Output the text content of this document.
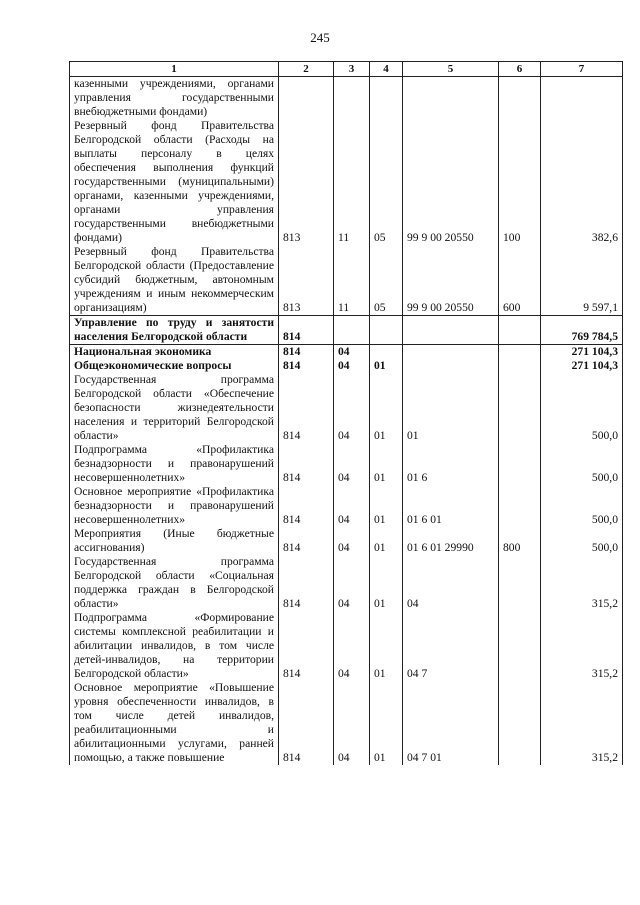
245
1	2	3	4	5	6	7
казенными учреждениями, органами управления государственными внебюджетными фондами)						
Резервный фонд Правительства Белгородской области (Расходы на выплаты персоналу в целях обеспечения выполнения функций государственными (муниципальными) органами, казенными учреждениями, органами управления государственными внебюджетными фондами)	813	11	05	99 9 00 20550	100	382,6
Резервный фонд Правительства Белгородской области (Предоставление субсидий бюджетным, автономным учреждениям и иным некоммерческим организациям)	813	11	05	99 9 00 20550	600	9 597,1
Управление по труду и занятости населения Белгородской области	814					769 784,5
Национальная экономика	814	04				271 104,3
Общеэкономические вопросы	814	04	01			271 104,3
Государственная программа Белгородской области «Обеспечение безопасности жизнедеятельности населения и территорий Белгородской области»	814	04	01	01		500,0
Подпрограмма «Профилактика безнадзорности и правонарушений несовершеннолетних»	814	04	01	01 6		500,0
Основное мероприятие «Профилактика безнадзорности и правонарушений несовершеннолетних»	814	04	01	01 6 01		500,0
Мероприятия (Иные бюджетные ассигнования)	814	04	01	01 6 01 29990	800	500,0
Государственная программа Белгородской области «Социальная поддержка граждан в Белгородской области»	814	04	01	04		315,2
Подпрограмма «Формирование системы комплексной реабилитации и абилитации инвалидов, в том числе детей-инвалидов, на территории Белгородской области»	814	04	01	04 7		315,2
Основное мероприятие «Повышение уровня обеспеченности инвалидов, в том числе детей инвалидов, реабилитационными и абилитационными услугами, ранней помощью, а также повышение	814	04	01	04 7 01		315,2
